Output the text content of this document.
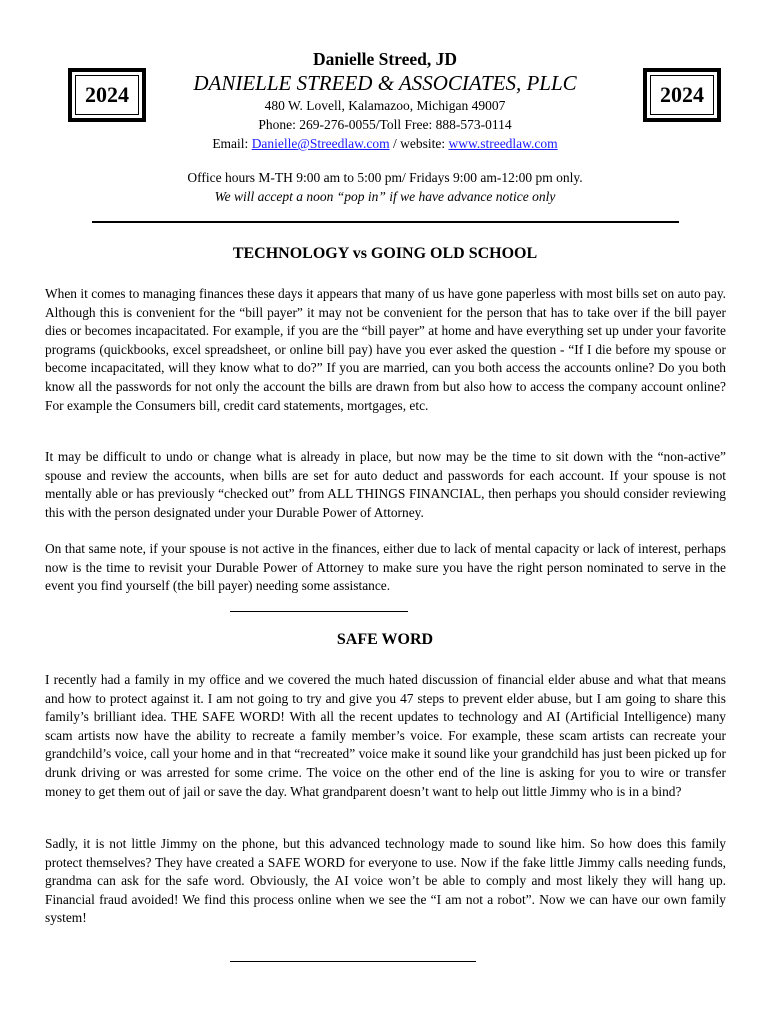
2024	2024
Danielle Streed, JD
DANIELLE STREED & ASSOCIATES, PLLC
480 W. Lovell, Kalamazoo, Michigan 49007
Phone: 269-276-0055/Toll Free: 888-573-0114
Email: Danielle@Streedlaw.com / website: www.streedlaw.com
Office hours M-TH 9:00 am to 5:00 pm/ Fridays 9:00 am-12:00 pm only.
We will accept a noon “pop in” if we have advance notice only
TECHNOLOGY vs GOING OLD SCHOOL
When it comes to managing finances these days it appears that many of us have gone paperless with most bills set on auto pay. Although this is convenient for the “bill payer” it may not be convenient for the person that has to take over if the bill payer dies or becomes incapacitated. For example, if you are the “bill payer” at home and have everything set up under your favorite programs (quickbooks, excel spreadsheet, or online bill pay) have you ever asked the question - “If I die before my spouse or become incapacitated, will they know what to do?” If you are married, can you both access the accounts online? Do you both know all the passwords for not only the account the bills are drawn from but also how to access the company account online? For example the Consumers bill, credit card statements, mortgages, etc.
It may be difficult to undo or change what is already in place, but now may be the time to sit down with the “non-active” spouse and review the accounts, when bills are set for auto deduct and passwords for each account. If your spouse is not mentally able or has previously “checked out” from ALL THINGS FINANCIAL, then perhaps you should consider reviewing this with the person designated under your Durable Power of Attorney.
On that same note, if your spouse is not active in the finances, either due to lack of mental capacity or lack of interest, perhaps now is the time to revisit your Durable Power of Attorney to make sure you have the right person nominated to serve in the event you find yourself (the bill payer) needing some assistance.
SAFE WORD
I recently had a family in my office and we covered the much hated discussion of financial elder abuse and what that means and how to protect against it. I am not going to try and give you 47 steps to prevent elder abuse, but I am going to share this family’s brilliant idea. THE SAFE WORD! With all the recent updates to technology and AI (Artificial Intelligence) many scam artists now have the ability to recreate a family member’s voice. For example, these scam artists can recreate your grandchild’s voice, call your home and in that “recreated” voice make it sound like your grandchild has just been picked up for drunk driving or was arrested for some crime. The voice on the other end of the line is asking for you to wire or transfer money to get them out of jail or save the day. What grandparent doesn’t want to help out little Jimmy who is in a bind?
Sadly, it is not little Jimmy on the phone, but this advanced technology made to sound like him. So how does this family protect themselves? They have created a SAFE WORD for everyone to use. Now if the fake little Jimmy calls needing funds, grandma can ask for the safe word. Obviously, the AI voice won’t be able to comply and most likely they will hang up. Financial fraud avoided! We find this process online when we see the “I am not a robot”. Now we can have our own family system!
